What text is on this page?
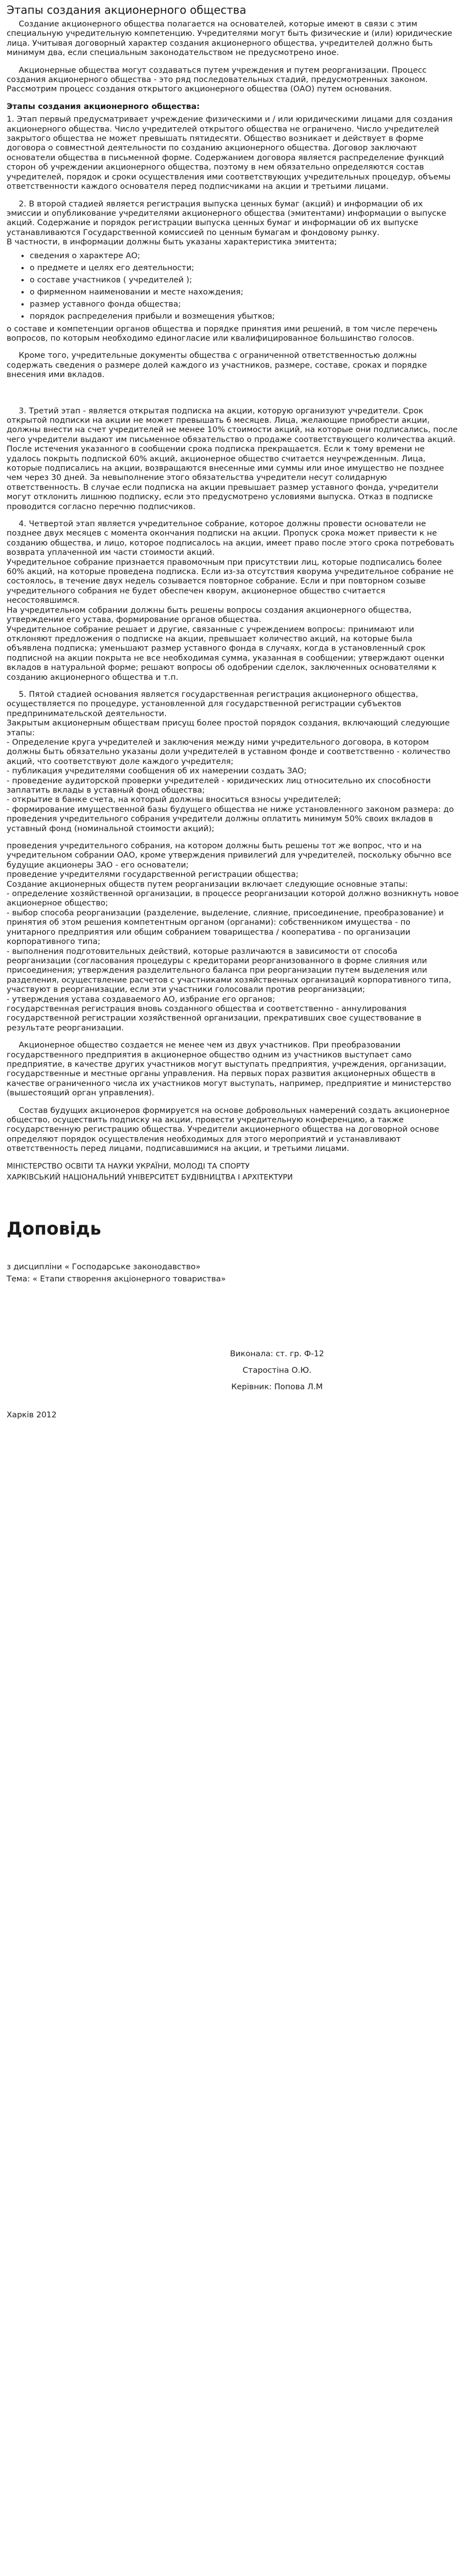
Этапы создания акционерного общества

Создание акционерного общества полагается на основателей, которые имеют в связи с этим специальную учредительную компетенцию. Учредителями могут быть физические и (или) юридические лица. Учитывая договорный характер создания акционерного общества, учредителей должно быть минимум два, если специальным законодательством не предусмотрено иное.

Акционерные общества могут создаваться путем учреждения и путем реорганизации. Процесс создания акционерного общества - это ряд последовательных стадий, предусмотренных законом. Рассмотрим процесс создания открытого акционерного общества (ОАО) путем основания.

Этапы создания акционерного общества:

1. Этап первый предусматривает учреждение физическими и / или юридическими лицами для создания акционерного общества. Число учредителей открытого общества не ограничено. Число учредителей закрытого общества не может превышать пятидесяти. Общество возникает и действует в форме договора о совместной деятельности по созданию акционерного общества. Договор заключают основатели общества в письменной форме. Содержанием договора является распределение функций сторон об учреждении акционерного общества, поэтому в нем обязательно определяются состав учредителей, порядок и сроки осуществления ими соответствующих учредительных процедур, объемы ответственности каждого основателя перед подписчиками на акции и третьими лицами.

2. В второй стадией является регистрация выпуска ценных бумаг (акций) и информации об их эмиссии и опубликование учредителями акционерного общества (эмитентами) информации о выпуске акций. Содержание и порядок регистрации выпуска ценных бумаг и информации об их выпуске устанавливаются Государственной комиссией по ценным бумагам и фондовому рынку.

В частности, в информации должны быть указаны характеристика эмитента;

• сведения о характере АО;
• о предмете и целях его деятельности;
• о составе участников ( учредителей );
• о фирменном наименовании и месте нахождения;
• размер уставного фонда общества;
• порядок распределения прибыли и возмещения убытков;

о составе и компетенции органов общества и порядке принятия ими решений, в том числе перечень вопросов, по которым необходимо единогласие или квалифицированное большинство голосов.

Кроме того, учредительные документы общества с ограниченной ответственностью должны содержать сведения о размере долей каждого из участников, размере, составе, сроках и порядке внесения ими вкладов.

3. Третий этап - является открытая подписка на акции, которую организуют учредители. Срок открытой подписки на акции не может превышать 6 месяцев. Лица, желающие приобрести акции, должны внести на счет учредителей не менее 10% стоимости акций, на которые они подписались, после чего учредители выдают им письменное обязательство о продаже соответствующего количества акций. После истечения указанного в сообщении срока подписка прекращается. Если к тому времени не удалось покрыть подпиской 60% акций, акционерное общество считается неучрежденным. Лица, которые подписались на акции, возвращаются внесенные ими суммы или иное имущество не позднее чем через 30 дней. За невыполнение этого обязательства учредители несут солидарную ответственность. В случае если подписка на акции превышает размер уставного фонда, учредители могут отклонить лишнюю подписку, если это предусмотрено условиями выпуска. Отказ в подписке проводится согласно перечню подписчиков.

4. Четвертой этап является учредительное собрание, которое должны провести основатели не позднее двух месяцев с момента окончания подписки на акции. Пропуск срока может привести к не созданию общества, и лицо, которое подписалось на акции, имеет право после этого срока потребовать возврата уплаченной им части стоимости акций.

Учредительное собрание признается правомочным при присутствии лиц, которые подписались более 60% акций, на которые проведена подписка. Если из-за отсутствия кворума учредительное собрание не состоялось, в течение двух недель созывается повторное собрание. Если и при повторном созыве учредительного собрания не будет обеспечен кворум, акционерное общество считается несостоявшимся.

На учредительном собрании должны быть решены вопросы создания акционерного общества, утверждении его устава, формирование органов общества.

Учредительное собрание решает и другие, связанные с учреждением вопросы: принимают или отклоняют предложения о подписке на акции, превышает количество акций, на которые была объявлена подписка; уменьшают размер уставного фонда в случаях, когда в установленный срок подписной на акции покрыта не все необходимая сумма, указанная в сообщении; утверждают оценки вкладов в натуральной форме; решают вопросы об одобрении сделок, заключенных основателями к созданию акционерного общества и т.п.

5. Пятой стадией основания является государственная регистрация акционерного общества, осуществляется по процедуре, установленной для государственной регистрации субъектов предпринимательской деятельности.

Закрытым акционерным обществам присущ более простой порядок создания, включающий следующие этапы:

- Определение круга учредителей и заключения между ними учредительного договора, в котором должны быть обязательно указаны доли учредителей в уставном фонде и соответственно - количество акций, что соответствуют доле каждого учредителя;

- публикация учредителями сообщения об их намерении создать ЗАО;

- проведение аудиторской проверки учредителей - юридических лиц относительно их способности заплатить вклады в уставный фонд общества;

- открытие в банке счета, на который должны вноситься взносы учредителей;

- формирование имущественной базы будущего общества не ниже установленного законом размера: до проведения учредительного собрания учредители должны оплатить минимум 50% своих вкладов в уставный фонд (номинальной стоимости акций);

проведения учредительного собрания, на котором должны быть решены тот же вопрос, что и на учредительном собрании ОАО, кроме утверждения привилегий для учредителей, поскольку обычно все будущие акционеры ЗАО - его основатели;

проведение учредителями государственной регистрации общества;

Создание акционерных обществ путем реорганизации включает следующие основные этапы:

- определение хозяйственной организации, в процессе реорганизации которой должно возникнуть новое акционерное общество;

- выбор способа реорганизации (разделение, выделение, слияние, присоединение, преобразование) и принятия об этом решения компетентным органом (органами): собственником имущества - по унитарного предприятия или общим собранием товарищества / кооператива - по организации корпоративного типа;

- выполнения подготовительных действий, которые различаются в зависимости от способа реорганизации (согласования процедуры с кредиторами реорганизованного в форме слияния или присоединения; утверждения разделительного баланса при реорганизации путем выделения или разделения, осуществление расчетов с участниками хозяйственных организаций корпоративного типа, участвуют в реорганизации, если эти участники голосовали против реорганизации;

- утверждения устава создаваемого АО, избрание его органов;

государственная регистрация вновь созданного общества и соответственно - аннулирования государственной регистрации хозяйственной организации, прекративших свое существование в результате реорганизации.

Акционерное общество создается не менее чем из двух участников. При преобразовании государственного предприятия в акционерное общество одним из участников выступает само предприятие, в качестве других участников могут выступать предприятия, учреждения, организации, государственные и местные органы управления. На первых порах развития акционерных обществ в качестве ограниченного числа их участников могут выступать, например, предприятие и министерство (вышестоящий орган управления).

Состав будущих акционеров формируется на основе добровольных намерений создать акционерное общество, осуществить подписку на акции, провести учредительную конференцию, а также государственную регистрацию общества. Учредители акционерного общества на договорной основе определяют порядок осуществления необходимых для этого мероприятий и устанавливают ответственность перед лицами, подписавшимися на акции, и третьими лицами.

МІНІСТЕРСТВО ОСВІТИ ТА НАУКИ УКРАЇНИ, МОЛОДІ ТА СПОРТУ

ХАРКІВСЬКИЙ НАЦІОНАЛЬНИЙ УНІВЕРСИТЕТ БУДІВНИЦТВА І АРХІТЕКТУРИ

Доповідь

з дисципліни « Господарське законодавство»

Тема: « Етапи створення акціонерного товариства»

Виконала: ст. гр. Ф-12
Старостіна О.Ю.
Керівник: Попова Л.М
Харків 2012
